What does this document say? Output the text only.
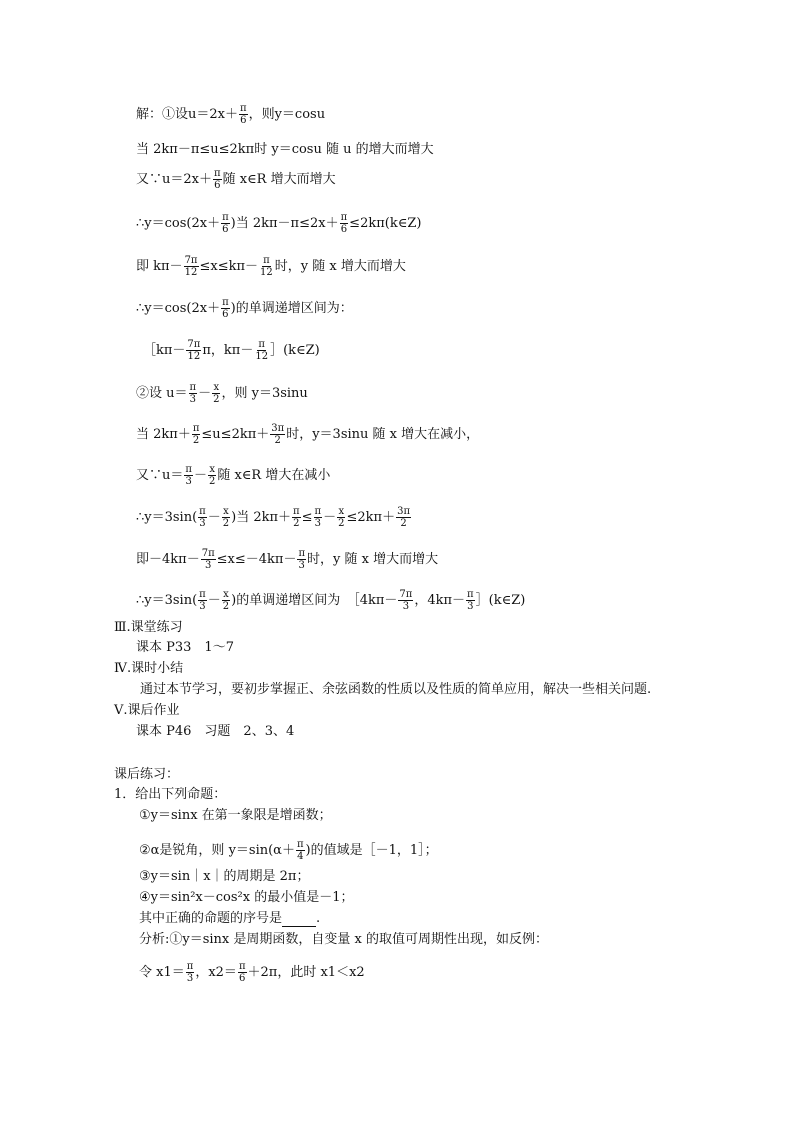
解：①设$u=2x+ \frac{\pi}{6}$ ，则y＝cosu
当 2kπ－π≤u≤2kπ时 y＝cosu 随 u 的增大而增大
又∵u＝2x＋ $\frac{\pi}{6}$ 随 x∈R 增大而增大
∴y＝cos(2x＋ $\frac{\pi}{6}$ )当 $2k\pi-\pi\le 2x+ \frac{\pi}{6}$ ≤2kπ(k∈Z)
即 $k\pi- \frac{7\pi}{12} \le x\le k\pi- \frac{\pi}{12}$ 时，y 随 x 增大而增大
∴y＝cos(2x＋ $\frac{\pi}{6}$ )的单调递增区间为：
［kπ－ $\frac{7\pi}{12}$ π，$k\pi- \frac{\pi}{12}$ ］(k∈Z)
②设 $u= \frac{\pi}{3} - \frac{x}{2}$ ，则 y＝3sinu
当 $2k\pi+ \frac{\pi}{2} \le u\le 2k\pi+ \frac{3\pi}{2}$ 时，y＝3sinu 随 x 增大在减小，
又∵u＝ $\frac{\pi}{3} - \frac{x}{2}$ 随 x∈R 增大在减小
∴y＝3sin( $\frac{\pi}{3} - \frac{x}{2}$ )当 $2k\pi+ \frac{\pi}{2} \le \frac{\pi}{3} - \frac{x}{2} \le 2k\pi+ \frac{3\pi}{2}$
即$-4k\pi- \frac{7\pi}{3} \le x\le-4k\pi- \frac{\pi}{3}$ 时，y 随 x 增大而增大
∴y＝3sin( $\frac{\pi}{3} - \frac{x}{2}$ )的单调递增区间为　［4kπ－ $\frac{7\pi}{3}$ ，$4k\pi- \frac{\pi}{3}$ ］(k∈Z)
Ⅲ.课堂练习
课本 P33　1～7
Ⅳ.课时小结
通过本节学习，要初步掌握正、余弦函数的性质以及性质的简单应用，解决一些相关问题.
Ⅴ.课后作业
课本 P46　习题　2、3、4
课后练习：
1．给出下列命题：
①y＝sinx 在第一象限是增函数；
②α是锐角，则 $y=\sin(\alpha+ \frac{\pi}{4}$ )的值域是［－1，1］；
③y＝sin｜x｜的周期是 2π；
④y＝sin²x－cos²x 的最小值是－1；
其中正确的命题的序号是	.
分析:①y＝sinx 是周期函数，自变量 x 的取值可周期性出现，如反例：
令 $x1= \frac{\pi}{3}$ ，$x2= \frac{\pi}{6} +2\pi$，此时 x1＜x2
